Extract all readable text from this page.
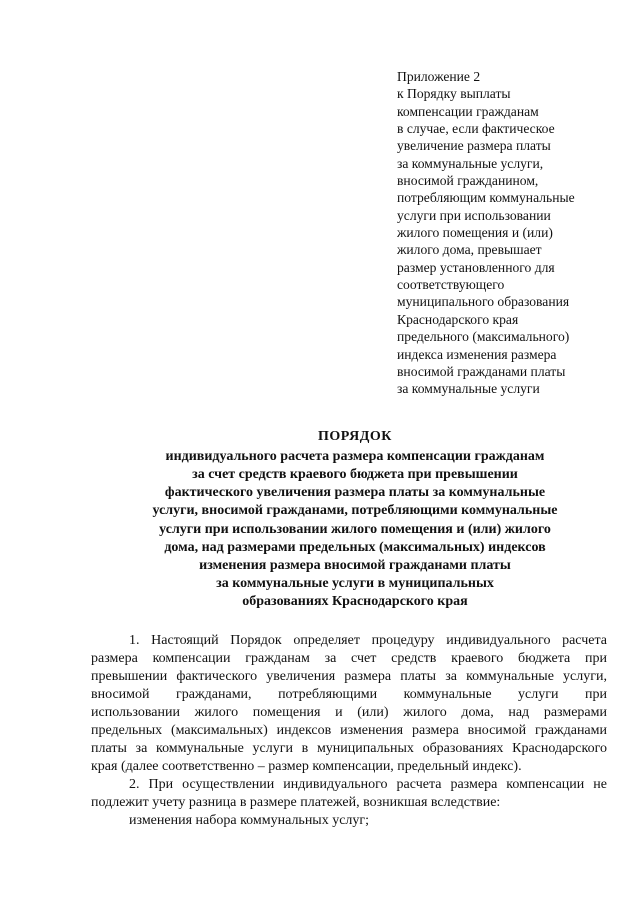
Приложение 2
к Порядку выплаты
компенсации гражданам
в случае, если фактическое
увеличение размера платы
за коммунальные услуги,
вносимой гражданином,
потребляющим коммунальные
услуги при использовании
жилого помещения и (или)
жилого дома, превышает
размер установленного для
соответствующего
муниципального образования
Краснодарского края
предельного (максимального)
индекса изменения размера
вносимой гражданами платы
за коммунальные услуги
ПОРЯДОК
индивидуального расчета размера компенсации гражданам
за счет средств краевого бюджета при превышении
фактического увеличения размера платы за коммунальные
услуги, вносимой гражданами, потребляющими коммунальные
услуги при использовании жилого помещения и (или) жилого
дома, над размерами предельных (максимальных) индексов
изменения размера вносимой гражданами платы
за коммунальные услуги в муниципальных
образованиях Краснодарского края
1. Настоящий Порядок определяет процедуру индивидуального расчета
размера компенсации гражданам за счет средств краевого бюджета при
превышении фактического увеличения размера платы за коммунальные услуги,
вносимой гражданами, потребляющими коммунальные услуги при
использовании жилого помещения и (или) жилого дома, над размерами
предельных (максимальных) индексов изменения размера вносимой гражданами
платы за коммунальные услуги в муниципальных образованиях Краснодарского
края (далее соответственно – размер компенсации, предельный индекс).
2. При осуществлении индивидуального расчета размера компенсации не
подлежит учету разница в размере платежей, возникшая вследствие:
изменения набора коммунальных услуг;
